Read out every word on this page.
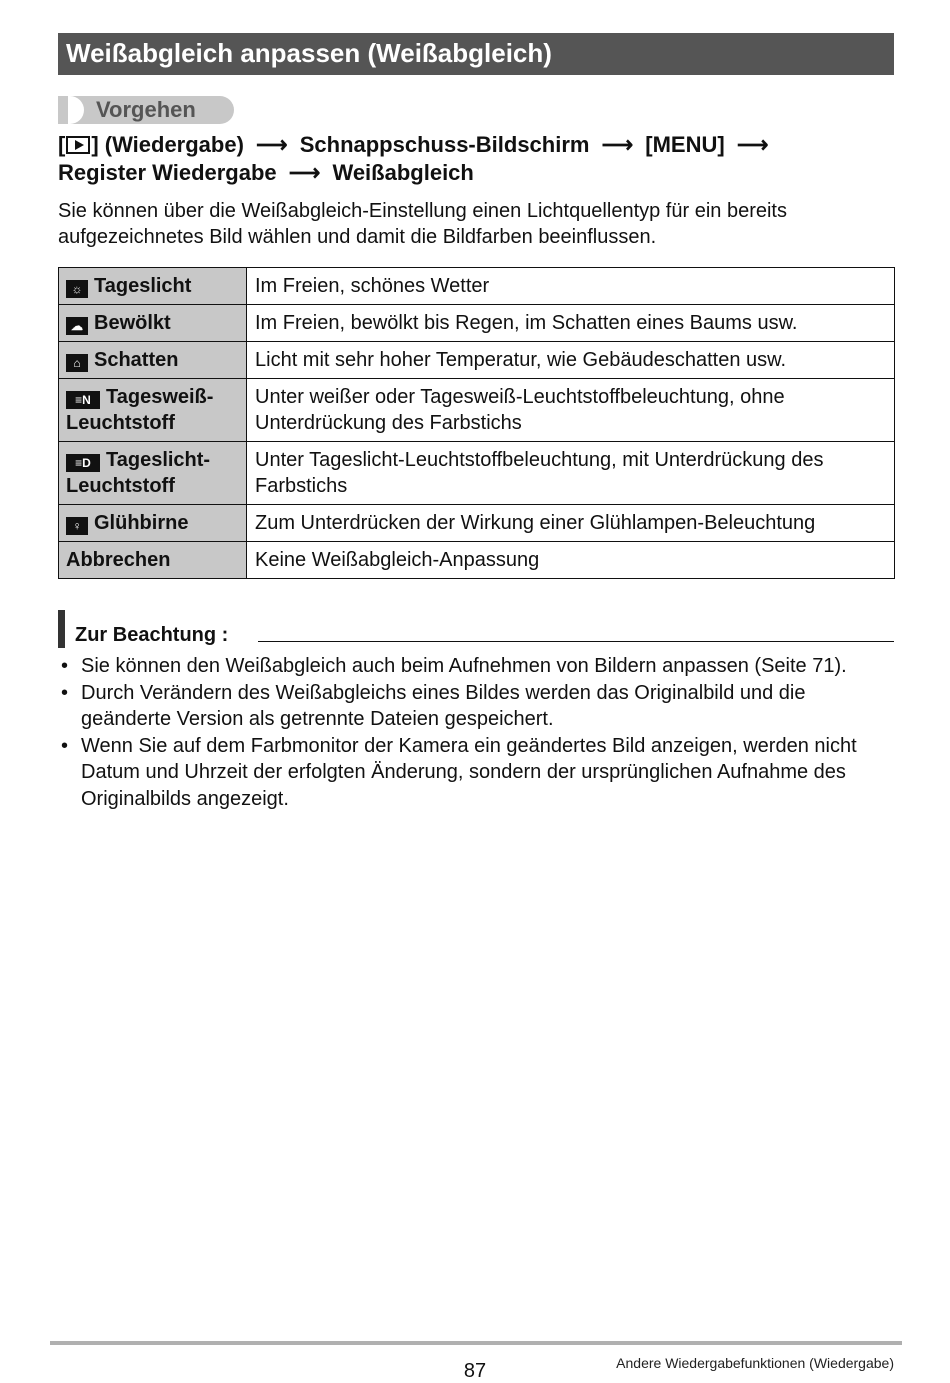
Weißabgleich anpassen (Weißabgleich)
Vorgehen
[ ] (Wiedergabe) ⟶ Schnappschuss-Bildschirm ⟶ [MENU] ⟶
Register Wiedergabe ⟶ Weißabgleich
Sie können über die Weißabgleich-Einstellung einen Lichtquellentyp für ein bereits aufgezeichnetes Bild wählen und damit die Bildfarben beeinflussen.
☼ Tageslicht	Im Freien, schönes Wetter
☁ Bewölkt	Im Freien, bewölkt bis Regen, im Schatten eines Baums usw.
⌂ Schatten	Licht mit sehr hoher Temperatur, wie Gebäudeschatten usw.
≡N Tagesweiß-Leuchtstoff	Unter weißer oder Tagesweiß-Leuchtstoffbeleuchtung, ohne Unterdrückung des Farbstichs
≡D Tageslicht-Leuchtstoff	Unter Tageslicht-Leuchtstoffbeleuchtung, mit Unterdrückung des Farbstichs
♀ Glühbirne	Zum Unterdrücken der Wirkung einer Glühlampen-Beleuchtung
Abbrechen	Keine Weißabgleich-Anpassung
Zur Beachtung :
• Sie können den Weißabgleich auch beim Aufnehmen von Bildern anpassen (Seite 71).
• Durch Verändern des Weißabgleichs eines Bildes werden das Originalbild und die geänderte Version als getrennte Dateien gespeichert.
• Wenn Sie auf dem Farbmonitor der Kamera ein geändertes Bild anzeigen, werden nicht Datum und Uhrzeit der erfolgten Änderung, sondern der ursprünglichen Aufnahme des Originalbilds angezeigt.
87	Andere Wiedergabefunktionen (Wiedergabe)
